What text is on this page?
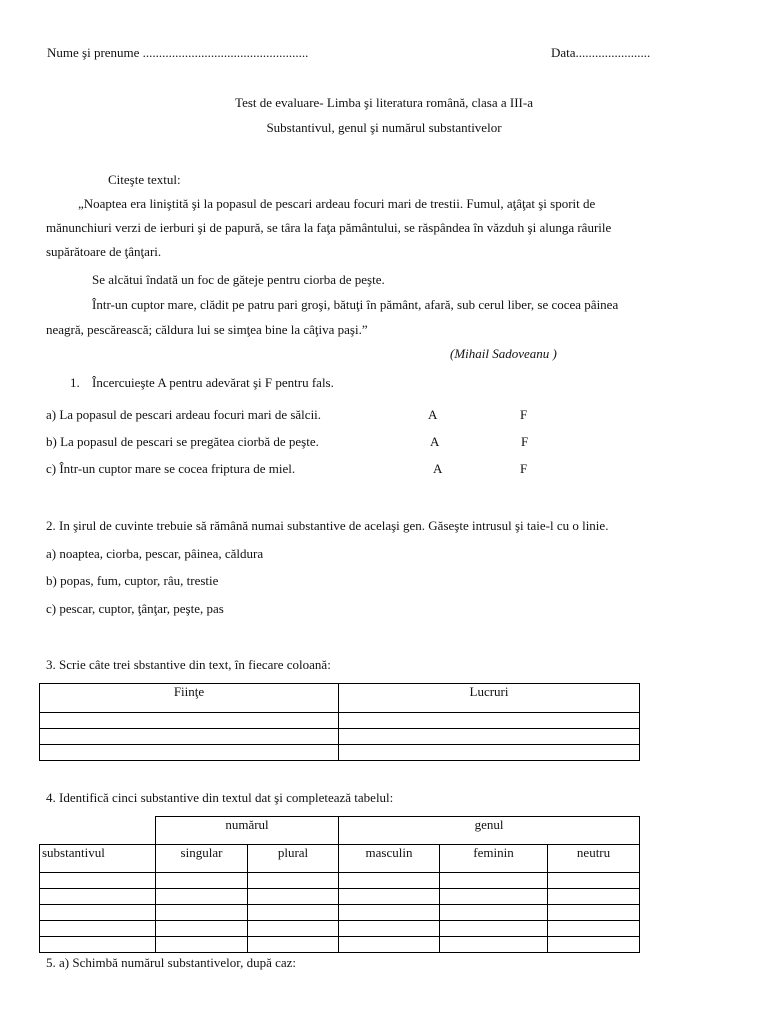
Nume şi prenume ...................................................	Data.......................
Test de evaluare- Limba şi literatura română, clasa a III-a
Substantivul, genul şi numărul substantivelor
Citeşte textul:
„Noaptea era liniştită şi la popasul de pescari ardeau focuri mari de trestii. Fumul, aţâţat şi sporit de
mănunchiuri verzi de ierburi şi de papură, se târa la faţa pământului, se răspândea în văzduh şi alunga râurile
supărătoare de ţânţari.
Se alcătui îndată un foc de găteje pentru ciorba de peşte.
Într-un cuptor mare, clădit pe patru pari groşi, bătuţi în pământ, afară, sub cerul liber, se cocea pâinea
neagră, pescărească; căldura lui se simţea bine la câţiva paşi.”
(Mihail Sadoveanu )
1. Încercuieşte A pentru adevărat şi F pentru fals.
a) La popasul de pescari ardeau focuri mari de sălcii.	A	F
b) La popasul de pescari se pregătea ciorbă de peşte.	A	F
c) Într-un cuptor mare se cocea friptura de miel.	A	F
2. In şirul de cuvinte trebuie să rămână numai substantive de acelaşi gen. Găseşte intrusul şi taie-l cu o linie.
a) noaptea, ciorba, pescar, pâinea, căldura
b) popas, fum, cuptor, râu, trestie
c) pescar, cuptor, ţânţar, peşte, pas
3. Scrie câte trei sbstantive din text, în fiecare coloană:
Fiinţe	Lucruri

4. Identifică cinci substantive din textul dat şi completează tabelul:
	numărul		genul		
substantivul	singular	plural	masculin	feminin	neutru

5. a) Schimbă numărul substantivelor, după caz:
